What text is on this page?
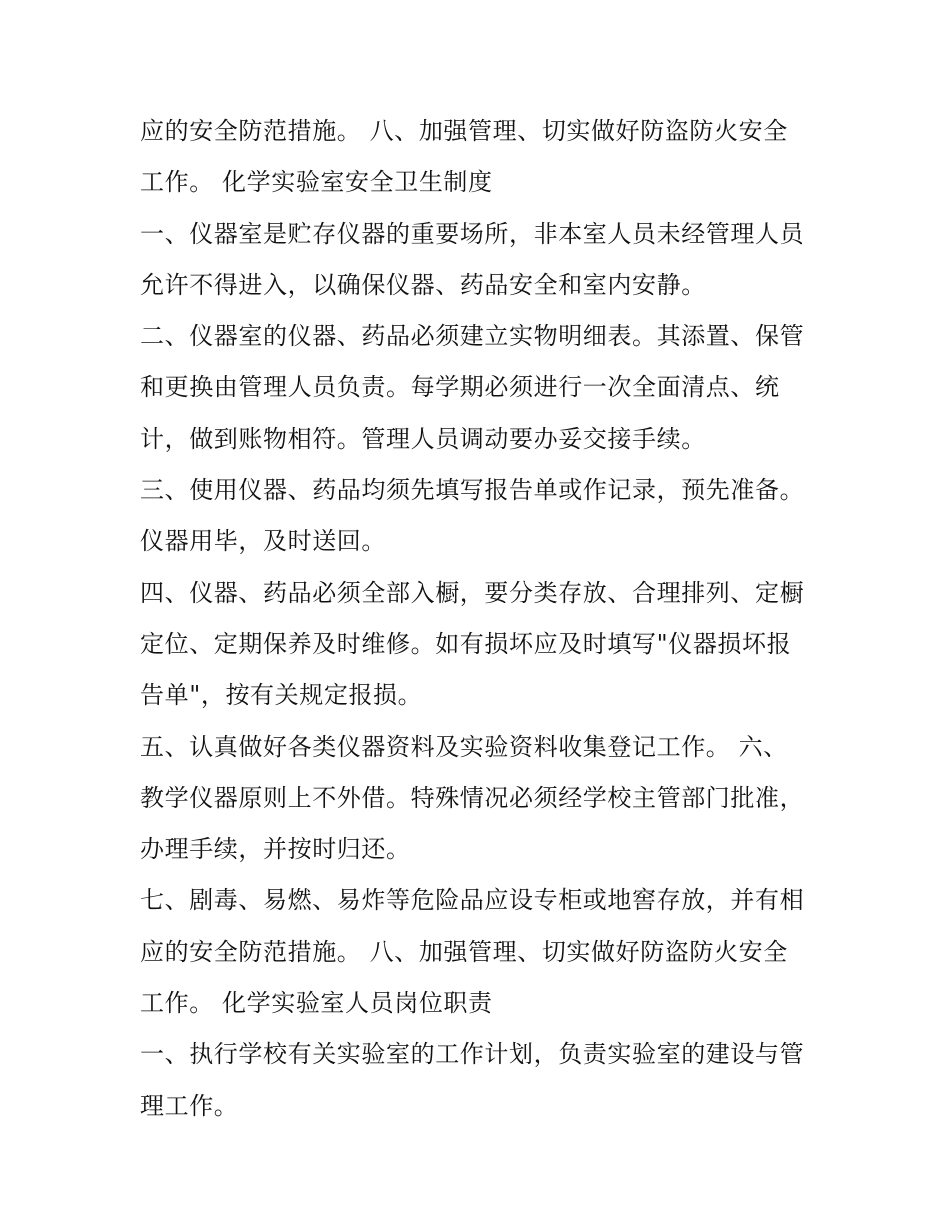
应的安全防范措施。 八、加强管理、切实做好防盗防火安全
工作。 化学实验室安全卫生制度
一、仪器室是贮存仪器的重要场所，非本室人员未经管理人员
允许不得进入，以确保仪器、药品安全和室内安静。
二、仪器室的仪器、药品必须建立实物明细表。其添置、保管
和更换由管理人员负责。每学期必须进行一次全面清点、统
计，做到账物相符。管理人员调动要办妥交接手续。
三、使用仪器、药品均须先填写报告单或作记录，预先准备。
仪器用毕，及时送回。
四、仪器、药品必须全部入橱，要分类存放、合理排列、定橱
定位、定期保养及时维修。如有损坏应及时填写"仪器损坏报
告单"，按有关规定报损。
五、认真做好各类仪器资料及实验资料收集登记工作。 六、
教学仪器原则上不外借。特殊情况必须经学校主管部门批准，
办理手续，并按时归还。
七、剧毒、易燃、易炸等危险品应设专柜或地窖存放，并有相
应的安全防范措施。 八、加强管理、切实做好防盗防火安全
工作。 化学实验室人员岗位职责
一、执行学校有关实验室的工作计划，负责实验室的建设与管
理工作。
